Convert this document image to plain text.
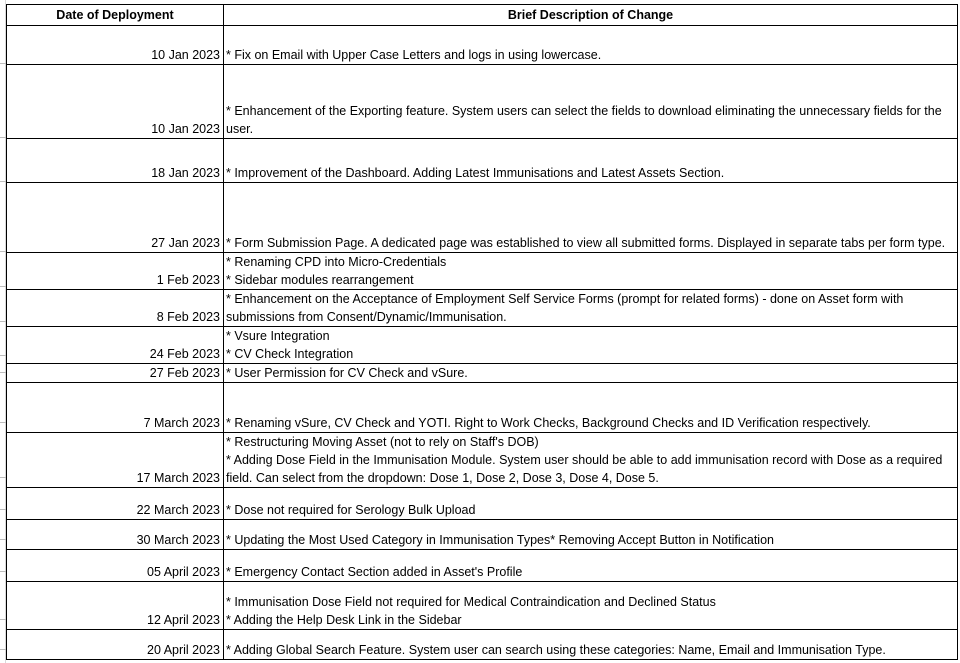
Date of Deployment	Brief Description of Change
10 Jan 2023	* Fix on Email with Upper Case Letters and logs in using lowercase.

10 Jan 2023	* Enhancement of the Exporting feature. System users can select the fields to download eliminating the unnecessary fields for the user.

18 Jan 2023	* Improvement of the Dashboard. Adding Latest Immunisations and Latest Assets Section.

27 Jan 2023	* Form Submission Page. A dedicated page was established to view all submitted forms. Displayed in separate tabs per form type.

1 Feb 2023	* Renaming CPD into Micro-Credentials
* Sidebar modules rearrangement

8 Feb 2023	* Enhancement on the Acceptance of Employment Self Service Forms (prompt for related forms) - done on Asset form with submissions from Consent/Dynamic/Immunisation.

24 Feb 2023	* Vsure Integration
* CV Check Integration

27 Feb 2023	* User Permission for CV Check and vSure.

7 March 2023	* Renaming vSure, CV Check and YOTI. Right to Work Checks, Background Checks and ID Verification respectively.

17 March 2023	* Restructuring Moving Asset (not to rely on Staff's DOB)
* Adding Dose Field in the Immunisation Module. System user should be able to add immunisation record with Dose as a required field. Can select from the dropdown: Dose 1, Dose 2, Dose 3, Dose 4, Dose 5.

22 March 2023	* Dose not required for Serology Bulk Upload

30 March 2023	* Updating the Most Used Category in Immunisation Types* Removing Accept Button in Notification

05 April 2023	* Emergency Contact Section added in Asset's Profile

12 April 2023	* Immunisation Dose Field not required for Medical Contraindication and Declined Status
* Adding the Help Desk Link in the Sidebar

20 April 2023	* Adding Global Search Feature. System user can search using these categories: Name, Email and Immunisation Type.
